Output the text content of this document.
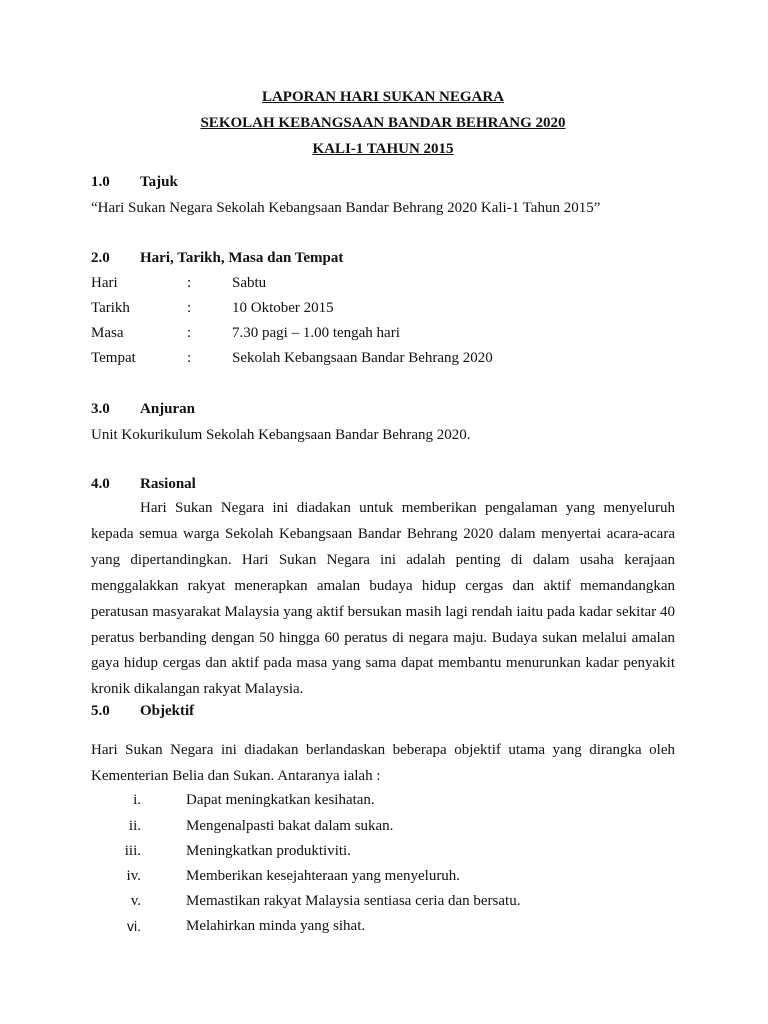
LAPORAN HARI SUKAN NEGARA
SEKOLAH KEBANGSAAN BANDAR BEHRANG 2020
KALI-1 TAHUN 2015
1.0 Tajuk
“Hari Sukan Negara Sekolah Kebangsaan Bandar Behrang 2020 Kali-1 Tahun 2015”
2.0 Hari, Tarikh, Masa dan Tempat
Hari	:	Sabtu
Tarikh	:	10 Oktober 2015
Masa	:	7.30 pagi – 1.00 tengah hari
Tempat	:	Sekolah Kebangsaan Bandar Behrang 2020
3.0 Anjuran
Unit Kokurikulum Sekolah Kebangsaan Bandar Behrang 2020.
4.0 Rasional
Hari Sukan Negara ini diadakan untuk memberikan pengalaman yang menyeluruh kepada semua warga Sekolah Kebangsaan Bandar Behrang 2020 dalam menyertai acara-acara yang dipertandingkan. Hari Sukan Negara ini adalah penting di dalam usaha kerajaan menggalakkan rakyat menerapkan amalan budaya hidup cergas dan aktif memandangkan peratusan masyarakat Malaysia yang aktif bersukan masih lagi rendah iaitu pada kadar sekitar 40 peratus berbanding dengan 50 hingga 60 peratus di negara maju. Budaya sukan melalui amalan gaya hidup cergas dan aktif pada masa yang sama dapat membantu menurunkan kadar penyakit kronik dikalangan rakyat Malaysia.
5.0 Objektif
Hari Sukan Negara ini diadakan berlandaskan beberapa objektif utama yang dirangka oleh Kementerian Belia dan Sukan. Antaranya ialah :
i.	Dapat meningkatkan kesihatan.
ii.	Mengenalpasti bakat dalam sukan.
iii.	Meningkatkan produktiviti.
iv.	Memberikan kesejahteraan yang menyeluruh.
v.	Memastikan rakyat Malaysia sentiasa ceria dan bersatu.
vi.	Melahirkan minda yang sihat.
